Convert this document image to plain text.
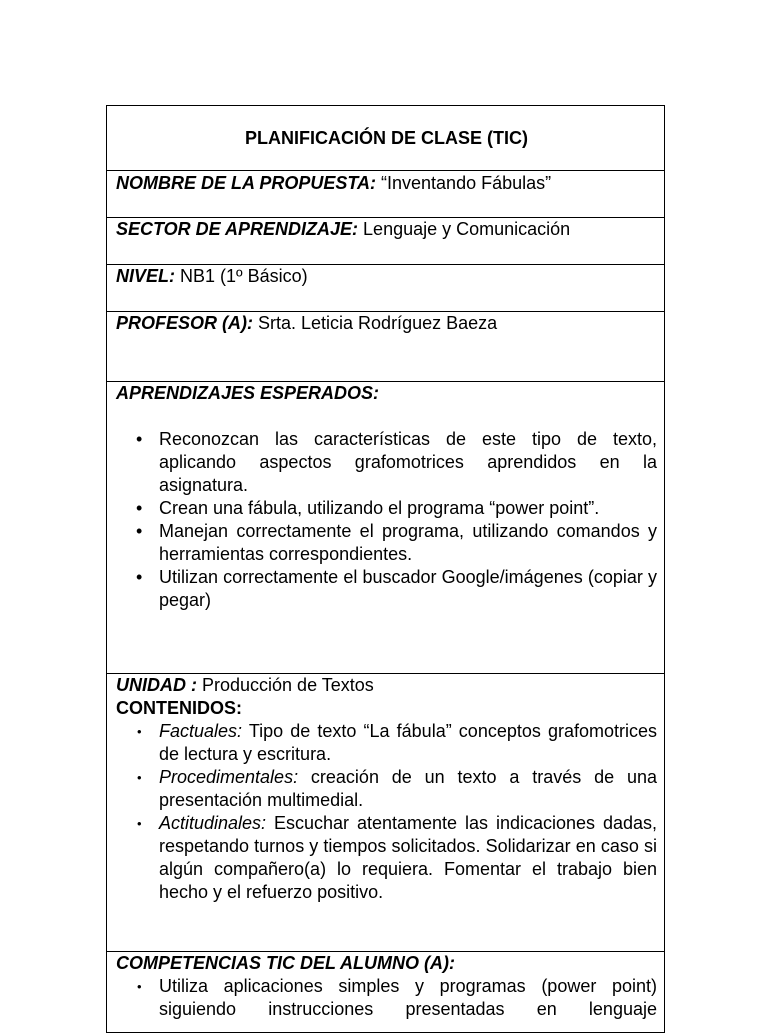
PLANIFICACIÓN DE CLASE (TIC)
NOMBRE DE LA PROPUESTA: “Inventando Fábulas”
SECTOR DE APRENDIZAJE: Lenguaje y Comunicación
NIVEL: NB1 (1º Básico)
PROFESOR (A): Srta. Leticia Rodríguez Baeza
APRENDIZAJES ESPERADOS:
• Reconozcan las características de este tipo de texto, aplicando aspectos grafomotrices aprendidos en la asignatura.
• Crean una fábula, utilizando el programa “power point”.
• Manejan correctamente el programa, utilizando comandos y herramientas correspondientes.
• Utilizan correctamente el buscador Google/imágenes (copiar y pegar)
UNIDAD : Producción de Textos
CONTENIDOS:
• Factuales: Tipo de texto “La fábula” conceptos grafomotrices de lectura y escritura.
• Procedimentales: creación de un texto a través de una presentación multimedial.
• Actitudinales: Escuchar atentamente las indicaciones dadas, respetando turnos y tiempos solicitados. Solidarizar en caso si algún compañero(a) lo requiera. Fomentar el trabajo bien hecho y el refuerzo positivo.
COMPETENCIAS TIC DEL ALUMNO (A):
• Utiliza aplicaciones simples y programas (power point) siguiendo instrucciones presentadas en lenguaje
